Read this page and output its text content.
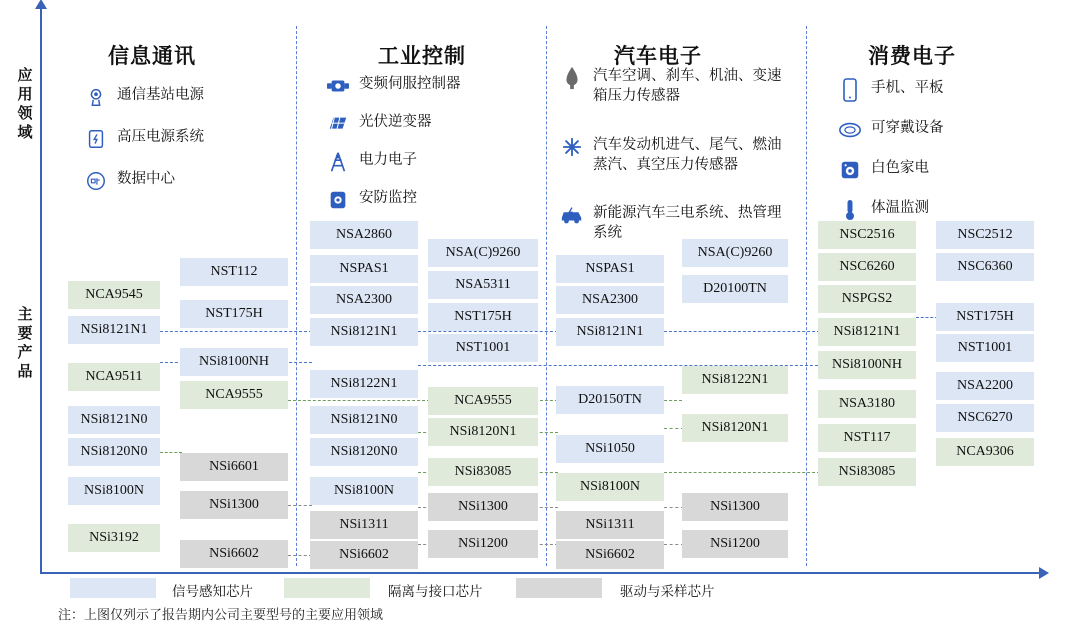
应用领域
主要产品
信息通讯	工业控制	汽车电子	消费电子
通信基站电源
高压电源系统
数据中心
变频伺服控制器
光伏逆变器
电力电子
安防监控
汽车空调、刹车、机油、变速箱压力传感器
汽车发动机进气、尾气、燃油蒸汽、真空压力传感器
新能源汽车三电系统、热管理系统
手机、平板
可穿戴设备
白色家电
体温监测
NCA9545
NSi8121N1
NCA9511
NSi8121N0
NSi8120N0
NSi8100N
NSi3192
NST112
NST175H
NSi8100NH
NCA9555
NSi6601
NSi1300
NSi6602
NSA2860
NSPAS1
NSA2300
NSi8121N1
NSi8122N1
NSi8121N0
NSi8120N0
NSi8100N
NSi1311
NSi6602
NSA(C)9260
NSA5311
NST175H
NST1001
NCA9555
NSi8120N1
NSi83085
NSi1300
NSi1200
NSPAS1
NSA2300
NSi8121N1
D20150TN
NSi1050
NSi8100N
NSi1311
NSi6602
NSA(C)9260
D20100TN
NSi8122N1
NSi8120N1
NSi1300
NSi1200
NSC2516
NSC6260
NSPGS2
NSi8121N1
NSi8100NH
NSA3180
NST117
NSi83085
NSC2512
NSC6360
NST175H
NST1001
NSA2200
NSC6270
NCA9306
信号感知芯片	隔离与接口芯片	驱动与采样芯片
注：上图仅列示了报告期内公司主要型号的主要应用领域
